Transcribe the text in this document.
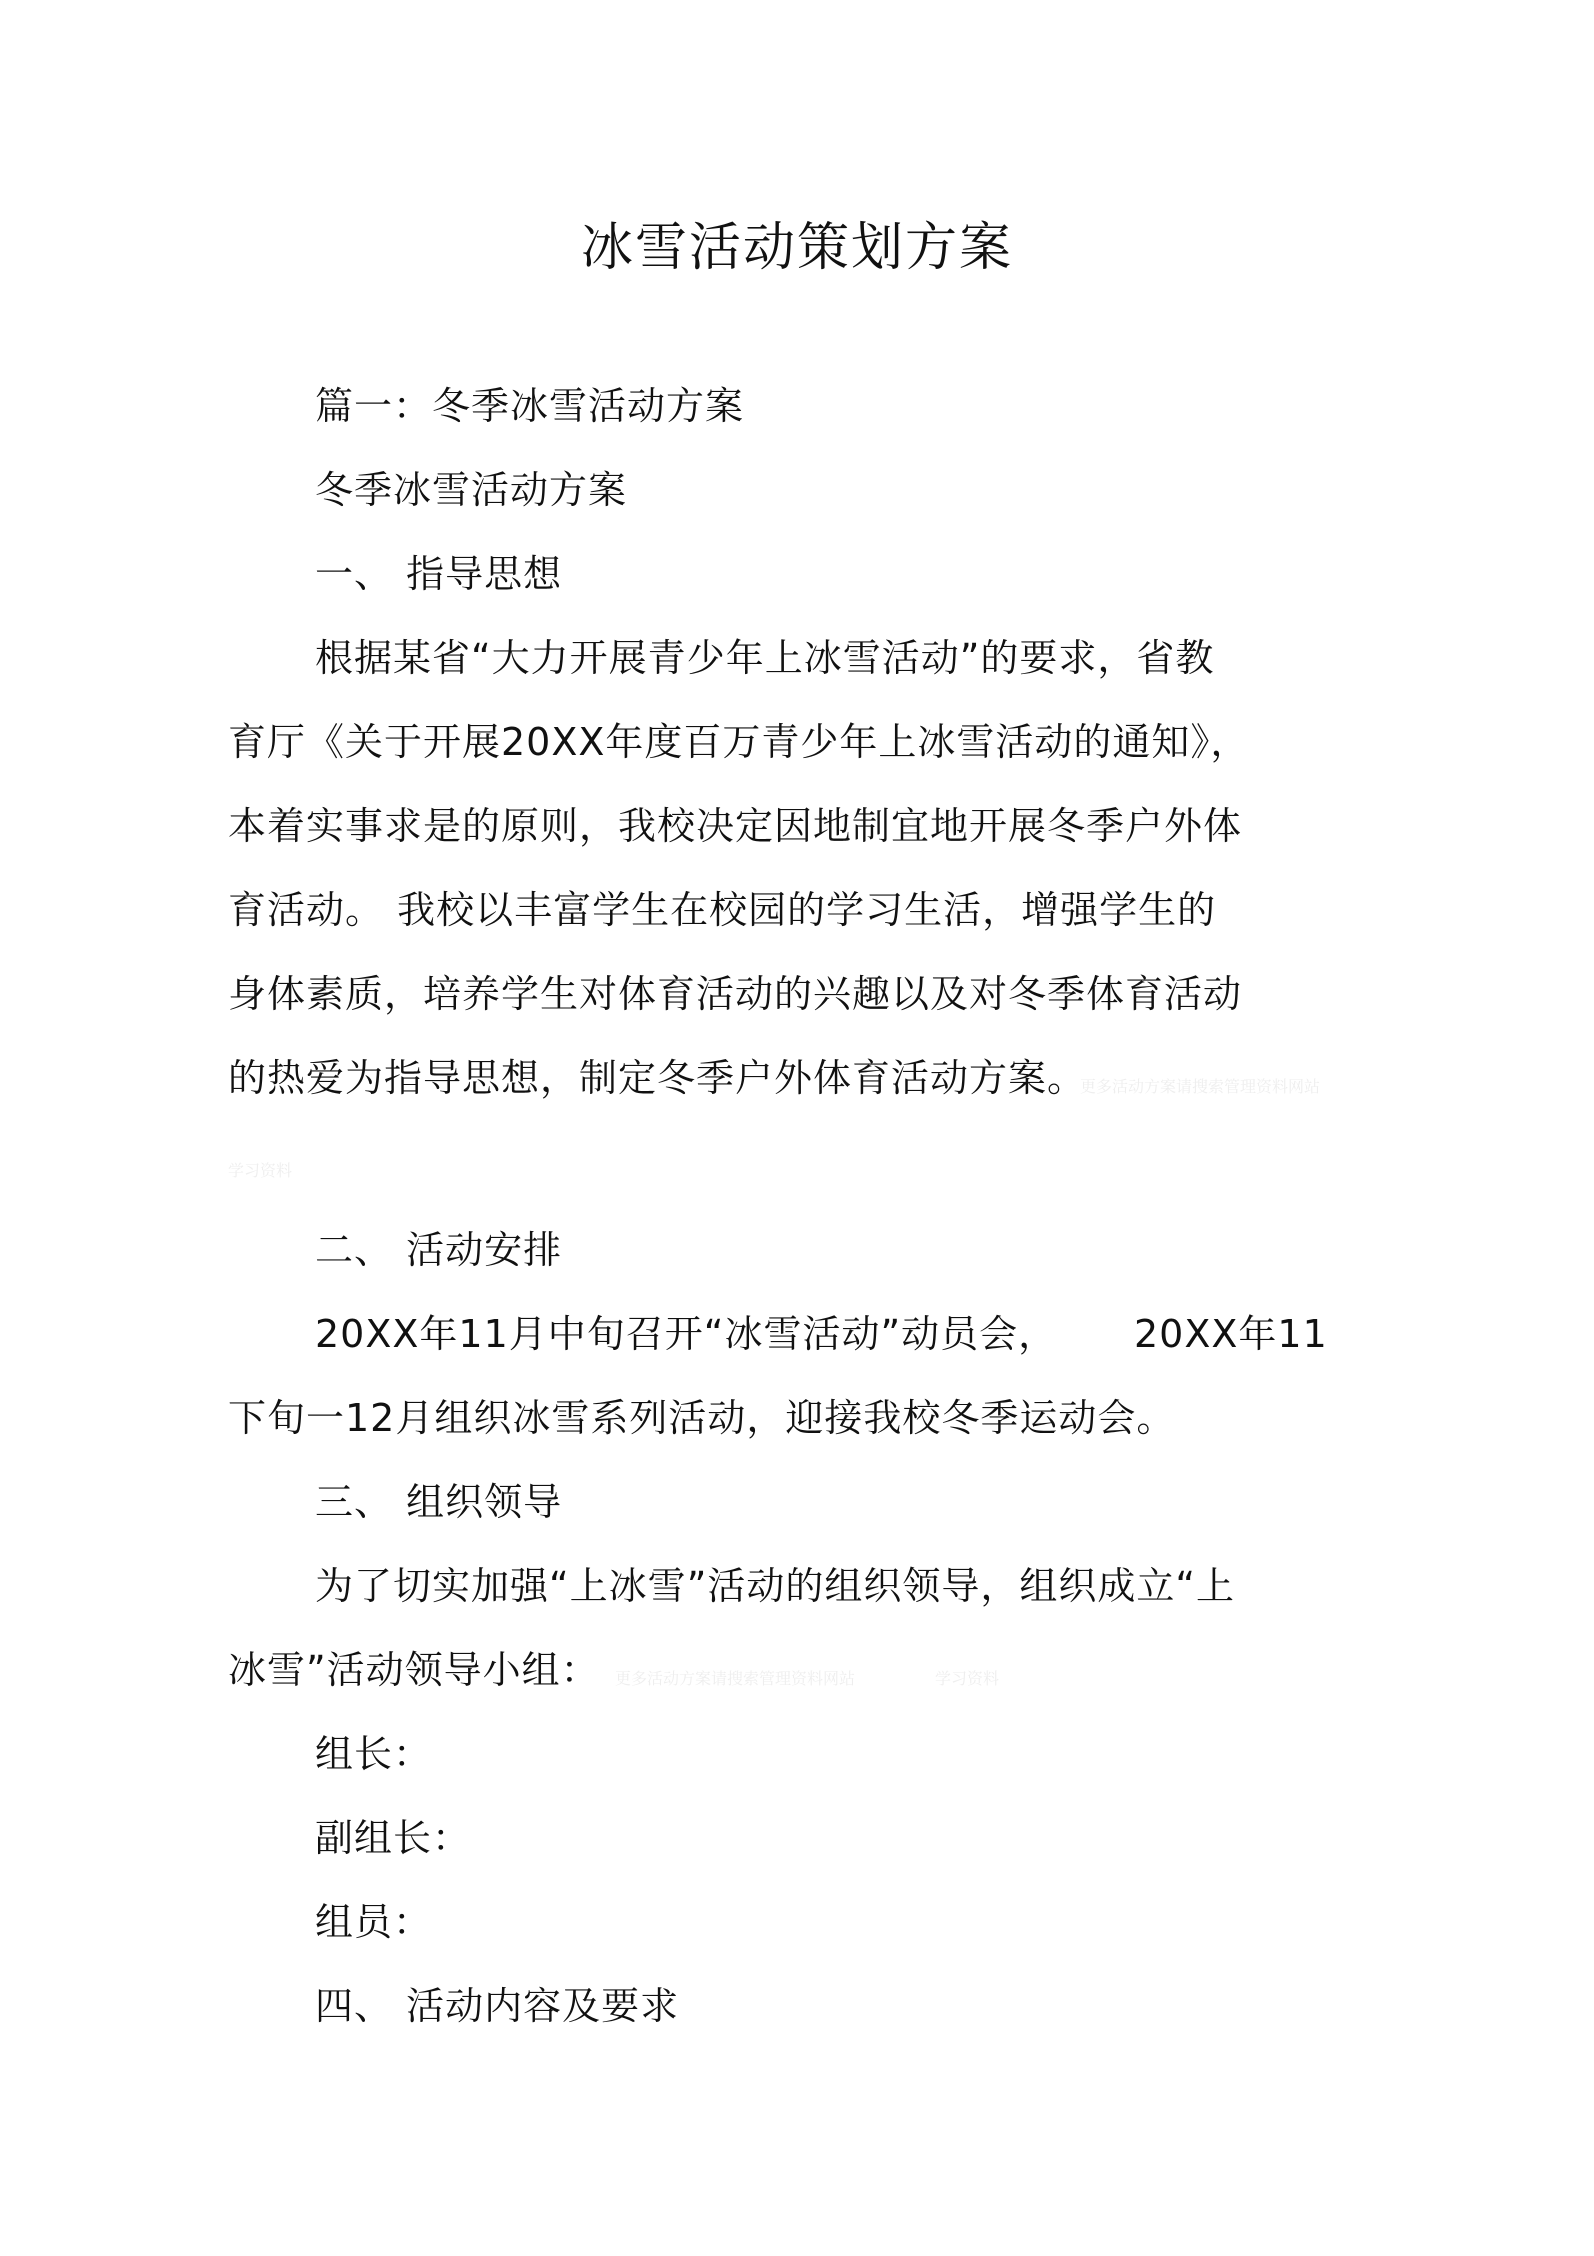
冰雪活动策划方案
篇一：冬季冰雪活动方案
冬季冰雪活动方案
一、 指导思想
根据某省“大力开展青少年上冰雪活动”的要求，省教
育厅《关于开展20XX年度百万青少年上冰雪活动的通知》，
本着实事求是的原则，我校决定因地制宜地开展冬季户外体
育活动。 我校以丰富学生在校园的学习生活，增强学生的
身体素质，培养学生对体育活动的兴趣以及对冬季体育活动
的热爱为指导思想，制定冬季户外体育活动方案。
更多活动方案请搜索管理资料网站
学习资料
二、 活动安排
20XX年11月中旬召开“冰雪活动”动员会， 20XX年11
下旬一12月组织冰雪系列活动，迎接我校冬季运动会。
三、 组织领导
为了切实加强“上冰雪”活动的组织领导，组织成立“上
冰雪”活动领导小组： 更多活动方案请搜索管理资料网站	学习资料
组长：
副组长：
组员：
四、 活动内容及要求
